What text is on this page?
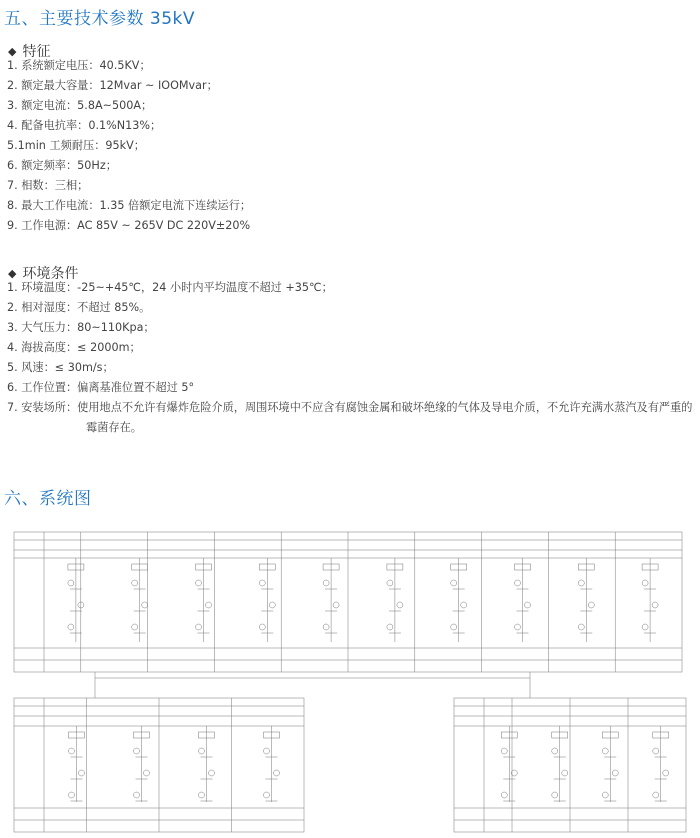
五、主要技术参数 35kV
◆ 特征
1. 系统额定电压：40.5KV；
2. 额定最大容量：12Mvar ~ IOOMvar；
3. 额定电流：5.8A~500A；
4. 配备电抗率：0.1%N13%；
5.1min 工频耐压：95kV；
6. 额定频率：50Hz；
7. 相数：三相；
8. 最大工作电流：1.35 倍额定电流下连续运行；
9. 工作电源：AC 85V ~ 265V DC 220V±20%
◆ 环境条件
1. 环境温度：-25~+45℃，24 小时内平均温度不超过 +35℃；
2. 相对湿度：不超过 85%。
3. 大气压力：80~110Kpa；
4. 海拔高度：≤ 2000m；
5. 风速：≤ 30m/s；
6. 工作位置：偏离基准位置不超过 5°
7. 安装场所：使用地点不允许有爆炸危险介质，周围环境中不应含有腐蚀金属和破坏绝缘的气体及导电介质，不允许充满水蒸汽及有严重的
霉菌存在。
六、系统图
